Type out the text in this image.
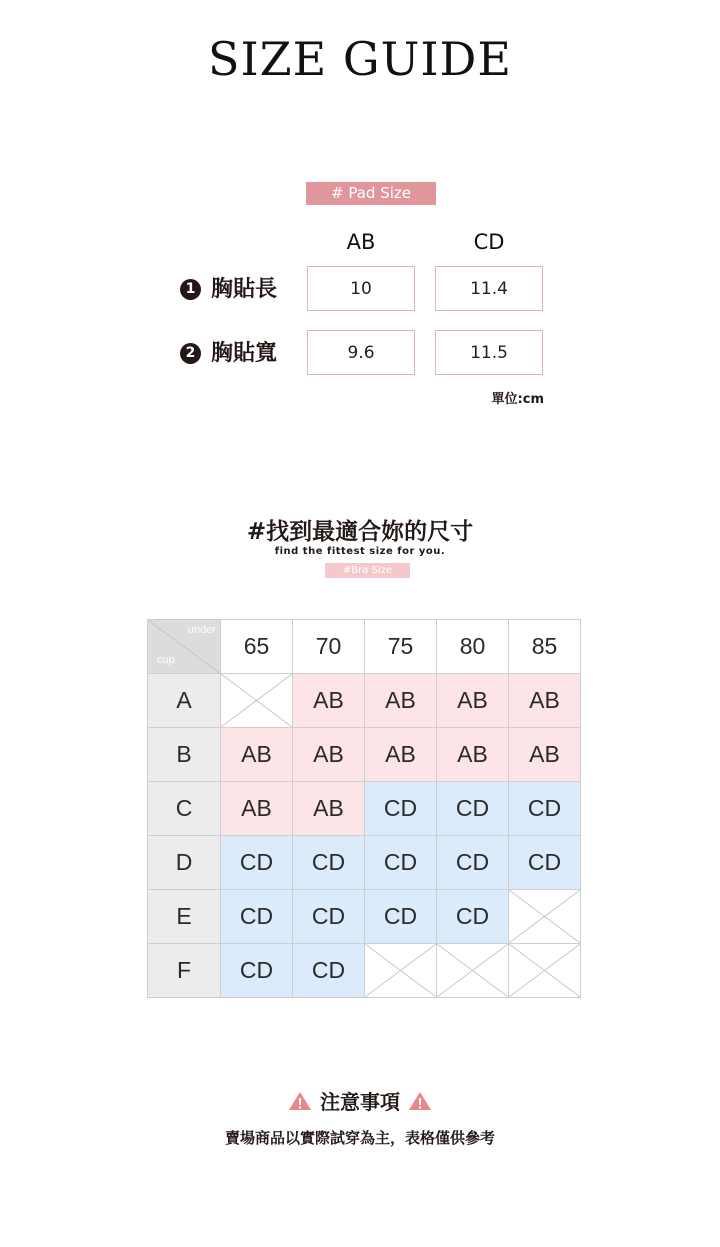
SIZE GUIDE
# Pad Size
AB	CD
1 胸貼長	10	11.4
2 胸貼寬	9.6	11.5
單位:cm
#找到最適合妳的尺寸
find the fittest size for you.
#Bra Size
under
cup	65	70	75	80	85
A		AB	AB	AB	AB
B	AB	AB	AB	AB	AB
C	AB	AB	CD	CD	CD
D	CD	CD	CD	CD	CD
E	CD	CD	CD	CD	

F	CD	CD	

注意事項
賣場商品以實際試穿為主，表格僅供參考
